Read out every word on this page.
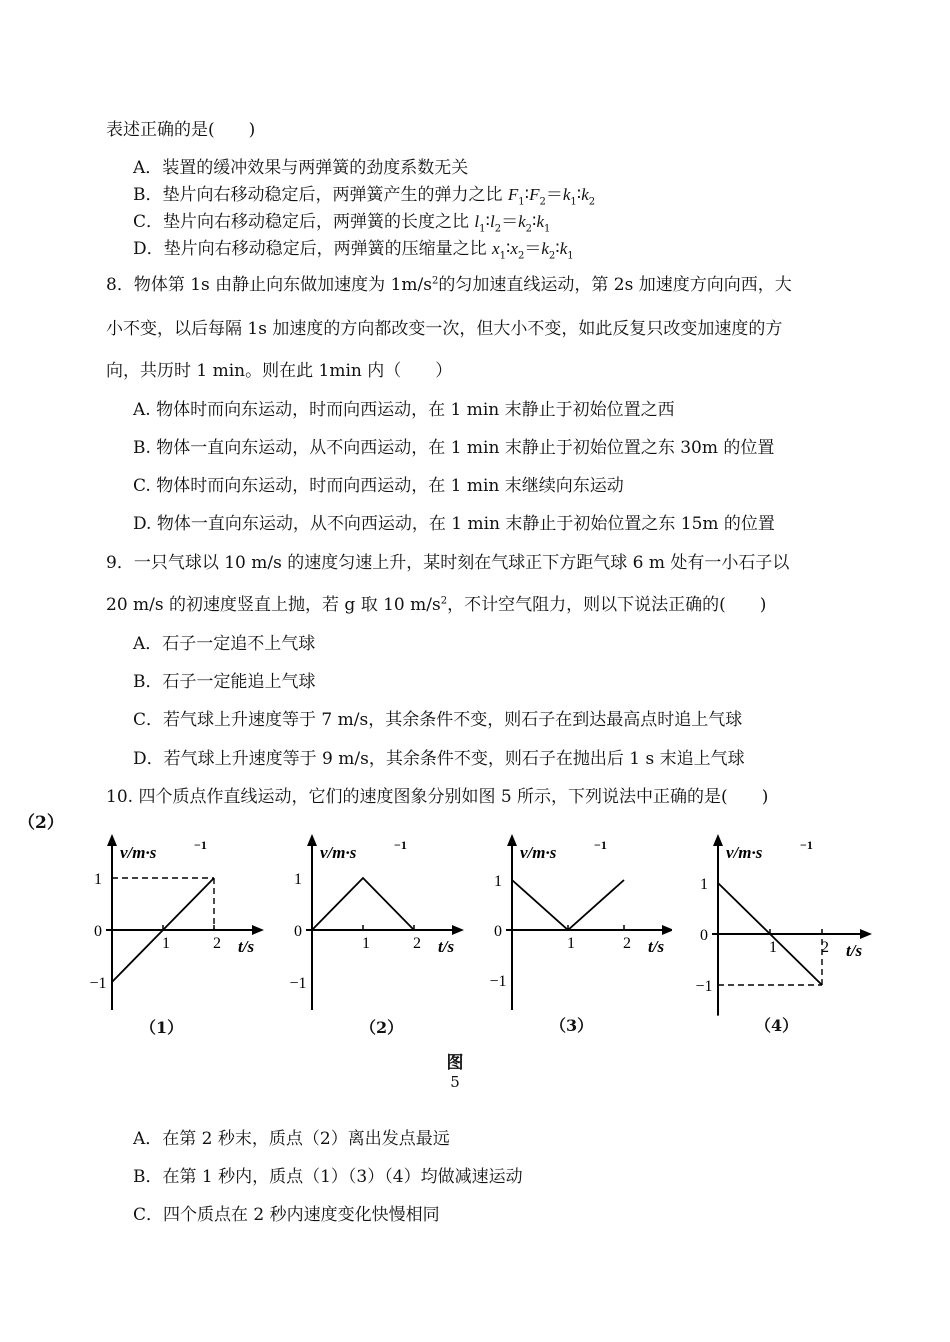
表述正确的是(　　)
A．装置的缓冲效果与两弹簧的劲度系数无关
B．垫片向右移动稳定后，两弹簧产生的弹力之比 $F_1∶F_2=k_1∶k_2$
C．垫片向右移动稳定后，两弹簧的长度之比 $l_1∶l_2=k_2∶k_1$
D．垫片向右移动稳定后，两弹簧的压缩量之比 $x_1∶x_2=k_2∶k_1$
8．物体第 1s 由静止向东做加速度为 $1m/s^2$的匀加速直线运动，第 2s 加速度方向向西，大
小不变，以后每隔 1s 加速度的方向都改变一次，但大小不变，如此反复只改变加速度的方
向，共历时 1 min。则在此 1min 内（　　）
A. 物体时而向东运动，时而向西运动，在 1 min 末静止于初始位置之西
B. 物体一直向东运动，从不向西运动，在 1 min 末静止于初始位置之东 30m 的位置
C. 物体时而向东运动，时而向西运动，在 1 min 末继续向东运动
D. 物体一直向东运动，从不向西运动，在 1 min 末静止于初始位置之东 15m 的位置
9．一只气球以 10 m/s 的速度匀速上升，某时刻在气球正下方距气球 6 m 处有一小石子以
20 m/s 的初速度竖直上抛，若 g 取 10 $m/s^2$，不计空气阻力，则以下说法正确的(　　)
A．石子一定追不上气球
B．石子一定能追上气球
C．若气球上升速度等于 7 m/s，其余条件不变，则石子在到达最高点时追上气球
D．若气球上升速度等于 9 m/s，其余条件不变，则石子在抛出后 1 s 末追上气球
10. 四个质点作直线运动，它们的速度图象分别如图 5 所示，下列说法中正确的是(　　)
（2）
v/m·s	−1
t/s
1
0
−1
1	2
v/m·s	−1
t/s
1
0
−1
1	2
v/m·s	−1
t/s
1
0
−1
1	2
v/m·s	−1
t/s
1
0
−1
1	2
（1）	（2）	（3）	（4）
图
5
A．在第 2 秒末，质点（2）离出发点最远
B．在第 1 秒内，质点（1）（3）（4）均做减速运动
C．四个质点在 2 秒内速度变化快慢相同
